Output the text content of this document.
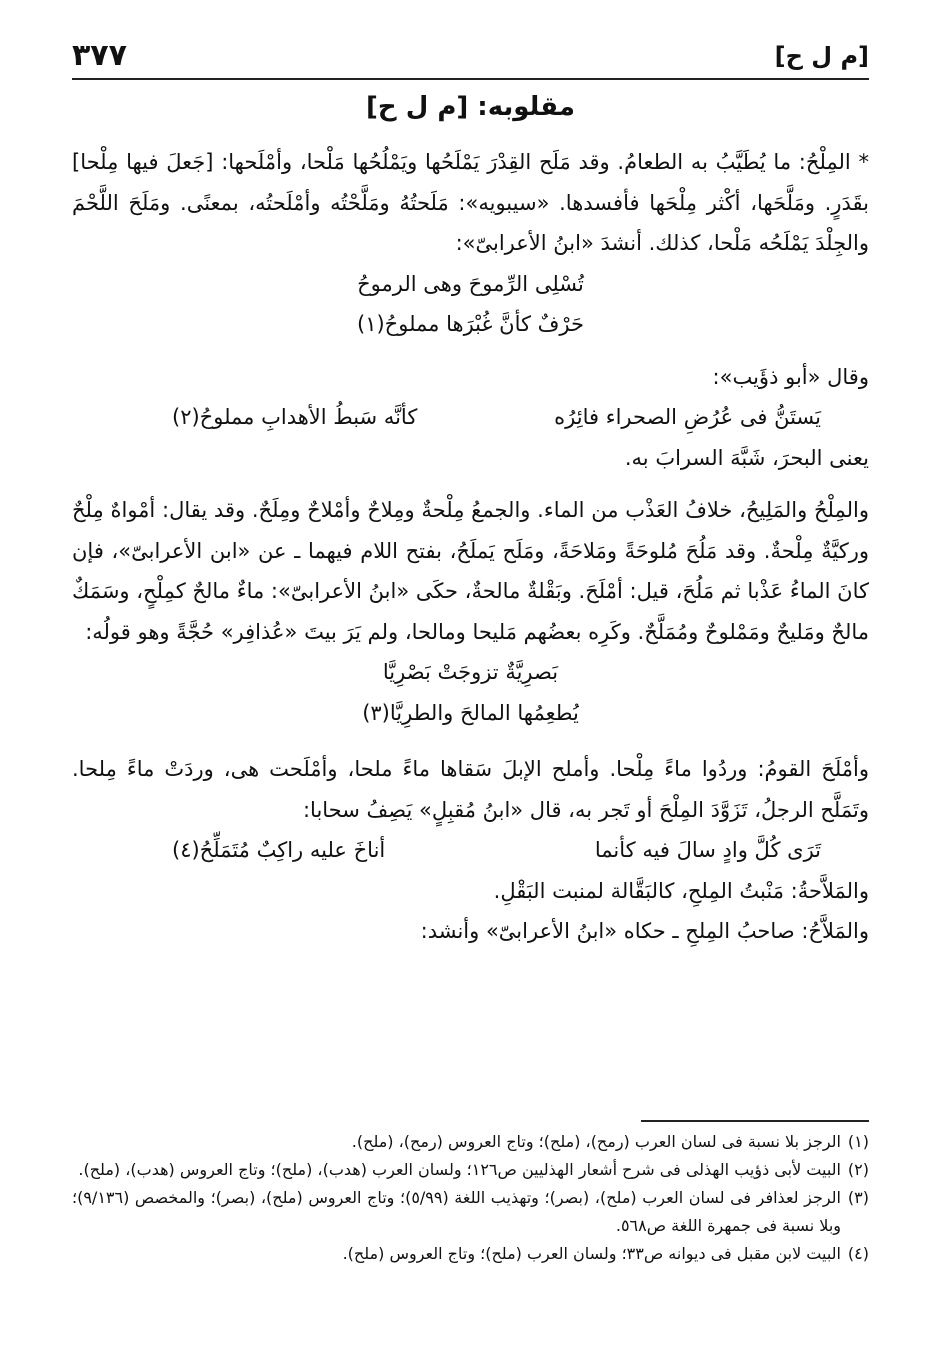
[م ل ح]
٣٧٧
مقلوبه: [م ل ح]

* المِلْحُ: ما يُطَيَّبُ به الطعامُ. وقد مَلَح القِدْرَ يَمْلَحُها ويَمْلُحُها مَلْحا، وأمْلَحها: [جَعلَ فيها مِلْحا] بقَدَرٍ. ومَلَّحَها، أكْثر مِلْحَها فأفسدها. «سيبويه»: مَلَحتُهُ ومَلَّحْتُه وأمْلَحتُه، بمعنًى. ومَلَحَ اللَّحْمَ والجِلْدَ يَمْلَحُه مَلْحا، كذلك. أنشدَ «ابنُ الأعرابىّ»:

تُسْلِى الرِّموحَ وهى الرموحُ
حَرْفٌ كأنَّ غُبْرَها مملوحُ(١)

وقال «أبو ذؤَيب»:

يَستَنُّ فى عُرُضِ الصحراء فائِرُه
كأنَّه سَبطُ الأهدابِ مملوحُ(٢)

يعنى البحرَ، شَبَّهَ السرابَ به.

والمِلْحُ والمَلِيحُ، خلافُ العَذْب من الماء. والجمعُ مِلْحةٌ ومِلاحٌ وأمْلاحٌ ومِلَحٌ. وقد يقال: أمْواهٌ مِلْحٌ وركيَّةٌ مِلْحةٌ. وقد مَلُحَ مُلوحَةً ومَلاحَةً، ومَلَح يَملَحُ، بفتح اللام فيهما ـ عن «ابن الأعرابىّ»، فإن كانَ الماءُ عَذْبا ثم مَلُحَ، قيل: أمْلَحَ. وبَقْلةٌ مالحةٌ، حكَى «ابنُ الأعرابىّ»: ماءٌ مالحٌ كمِلْحٍ، وسَمَكٌ مالحٌ ومَليحٌ ومَمْلوحٌ ومُمَلَّحٌ. وكَرِه بعضُهم مَليحا ومالحا، ولم يَرَ بيتَ «عُذافِر» حُجَّةً وهو قولُه:

بَصرِيَّةٌ تزوجَتْ بَصْرِيَّا
يُطعِمُها المالحَ والطرِيَّا(٣)

وأمْلَحَ القومُ: وردُوا ماءً مِلْحا. وأملح الإبلَ سَقاها ماءً ملحا، وأمْلَحت هى، وردَتْ ماءً مِلحا. وتَمَلَّح الرجلُ، تَزَوَّدَ المِلْحَ أو تَجر به، قال «ابنُ مُقبِلٍ» يَصِفُ سحابا:

تَرَى كُلَّ وادٍ سالَ فيه كأنما
أناخَ عليه راكِبٌ مُتَمَلِّحُ(٤)

والمَلاَّحةُ: مَنْبتُ المِلحِ، كالبَقَّالة لمنبت البَقْلِ.

والمَلاَّحُ: صاحبُ المِلحِ ـ حكاه «ابنُ الأعرابىّ» وأنشد:

( ١ )
الرجز بلا نسبة فى لسان العرب (رمح)، (ملح)؛ وتاج العروس (رمح)، (ملح).

( ٢ )
البيت لأبى ذؤيب الهذلى فى شرح أشعار الهذليين ص١٢٦؛ ولسان العرب (هدب)، (ملح)؛ وتاج العروس (هدب)، (ملح).

( ٣ )
الرجز لعذافر فى لسان العرب (ملح)، (بصر)؛ وتهذيب اللغة (٥/٩٩)؛ وتاج العروس (ملح)، (بصر)؛ والمخصص (٩/١٣٦)؛ وبلا نسبة فى جمهرة اللغة ص٥٦٨.

( ٤ )
البيت لابن مقبل فى ديوانه ص٣٣؛ ولسان العرب (ملح)؛ وتاج العروس (ملح).
